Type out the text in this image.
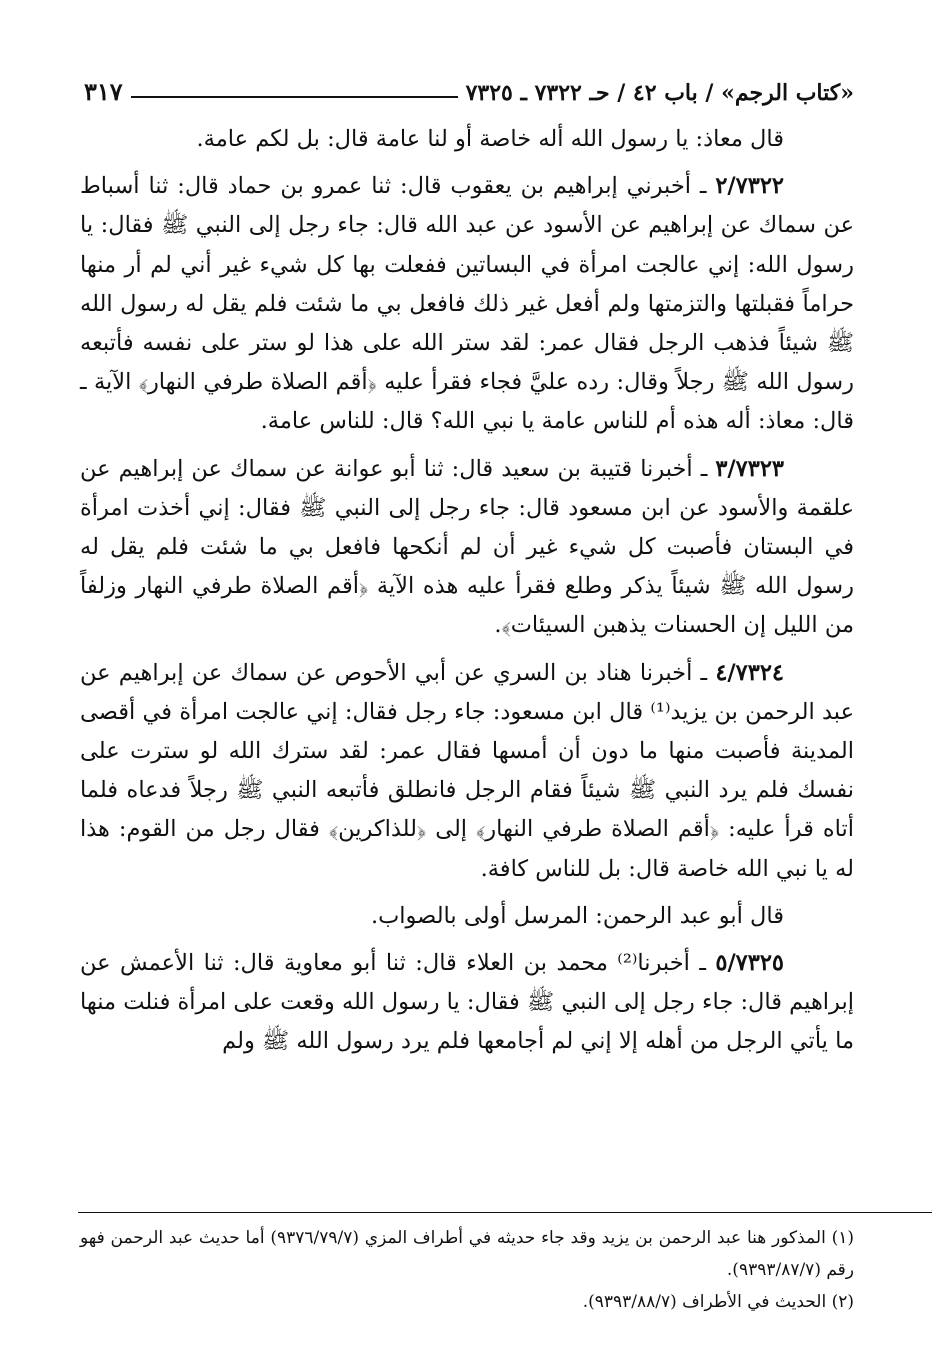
«كتاب الرجم» / باب ٤٢ / حـ ٧٣٢٢ ـ ٧٣٢٥
٣١٧

قال معاذ: يا رسول الله أله خاصة أو لنا عامة قال: بل لكم عامة.

٢/٧٣٢٢ ـ أخبرني إبراهيم بن يعقوب قال: ثنا عمرو بن حماد قال: ثنا أسباط عن سماك عن إبراهيم عن الأسود عن عبد الله قال: جاء رجل إلى النبي ﷺ فقال: يا رسول الله: إني عالجت امرأة في البساتين ففعلت بها كل شيء غير أني لم أر منها حراماً فقبلتها والتزمتها ولم أفعل غير ذلك فافعل بي ما شئت فلم يقل له رسول الله ﷺ شيئاً فذهب الرجل فقال عمر: لقد ستر الله على هذا لو ستر على نفسه فأتبعه رسول الله ﷺ رجلاً وقال: رده عليَّ فجاء فقرأ عليه ﴿أقم الصلاة طرفي النهار﴾ الآية ـ قال: معاذ: أله هذه أم للناس عامة يا نبي الله؟ قال: للناس عامة.

٣/٧٣٢٣ ـ أخبرنا قتيبة بن سعيد قال: ثنا أبو عوانة عن سماك عن إبراهيم عن علقمة والأسود عن ابن مسعود قال: جاء رجل إلى النبي ﷺ فقال: إني أخذت امرأة في البستان فأصبت كل شيء غير أن لم أنكحها فافعل بي ما شئت فلم يقل له رسول الله ﷺ شيئاً يذكر وطلع فقرأ عليه هذه الآية ﴿أقم الصلاة طرفي النهار وزلفاً من الليل إن الحسنات يذهبن السيئات﴾.

٤/٧٣٢٤ ـ أخبرنا هناد بن السري عن أبي الأحوص عن سماك عن إبراهيم عن عبد الرحمن بن يزيد⁽¹⁾ قال ابن مسعود: جاء رجل فقال: إني عالجت امرأة في أقصى المدينة فأصبت منها ما دون أن أمسها فقال عمر: لقد سترك الله لو سترت على نفسك فلم يرد النبي ﷺ شيئاً فقام الرجل فانطلق فأتبعه النبي ﷺ رجلاً فدعاه فلما أتاه قرأ عليه: ﴿أقم الصلاة طرفي النهار﴾ إلى ﴿للذاكرين﴾ فقال رجل من القوم: هذا له يا نبي الله خاصة قال: بل للناس كافة.

قال أبو عبد الرحمن: المرسل أولى بالصواب.

٥/٧٣٢٥ ـ أخبرنا⁽²⁾ محمد بن العلاء قال: ثنا أبو معاوية قال: ثنا الأعمش عن إبراهيم قال: جاء رجل إلى النبي ﷺ فقال: يا رسول الله وقعت على امرأة فنلت منها ما يأتي الرجل من أهله إلا إني لم أجامعها فلم يرد رسول الله ﷺ ولم

(١) المذكور هنا عبد الرحمن بن يزيد وقد جاء حديثه في أطراف المزي (٩٣٧٦/٧٩/٧) أما حديث عبد الرحمن فهو رقم (٩٣٩٣/٨٧/٧).

(٢) الحديث في الأطراف (٩٣٩٣/٨٨/٧).
